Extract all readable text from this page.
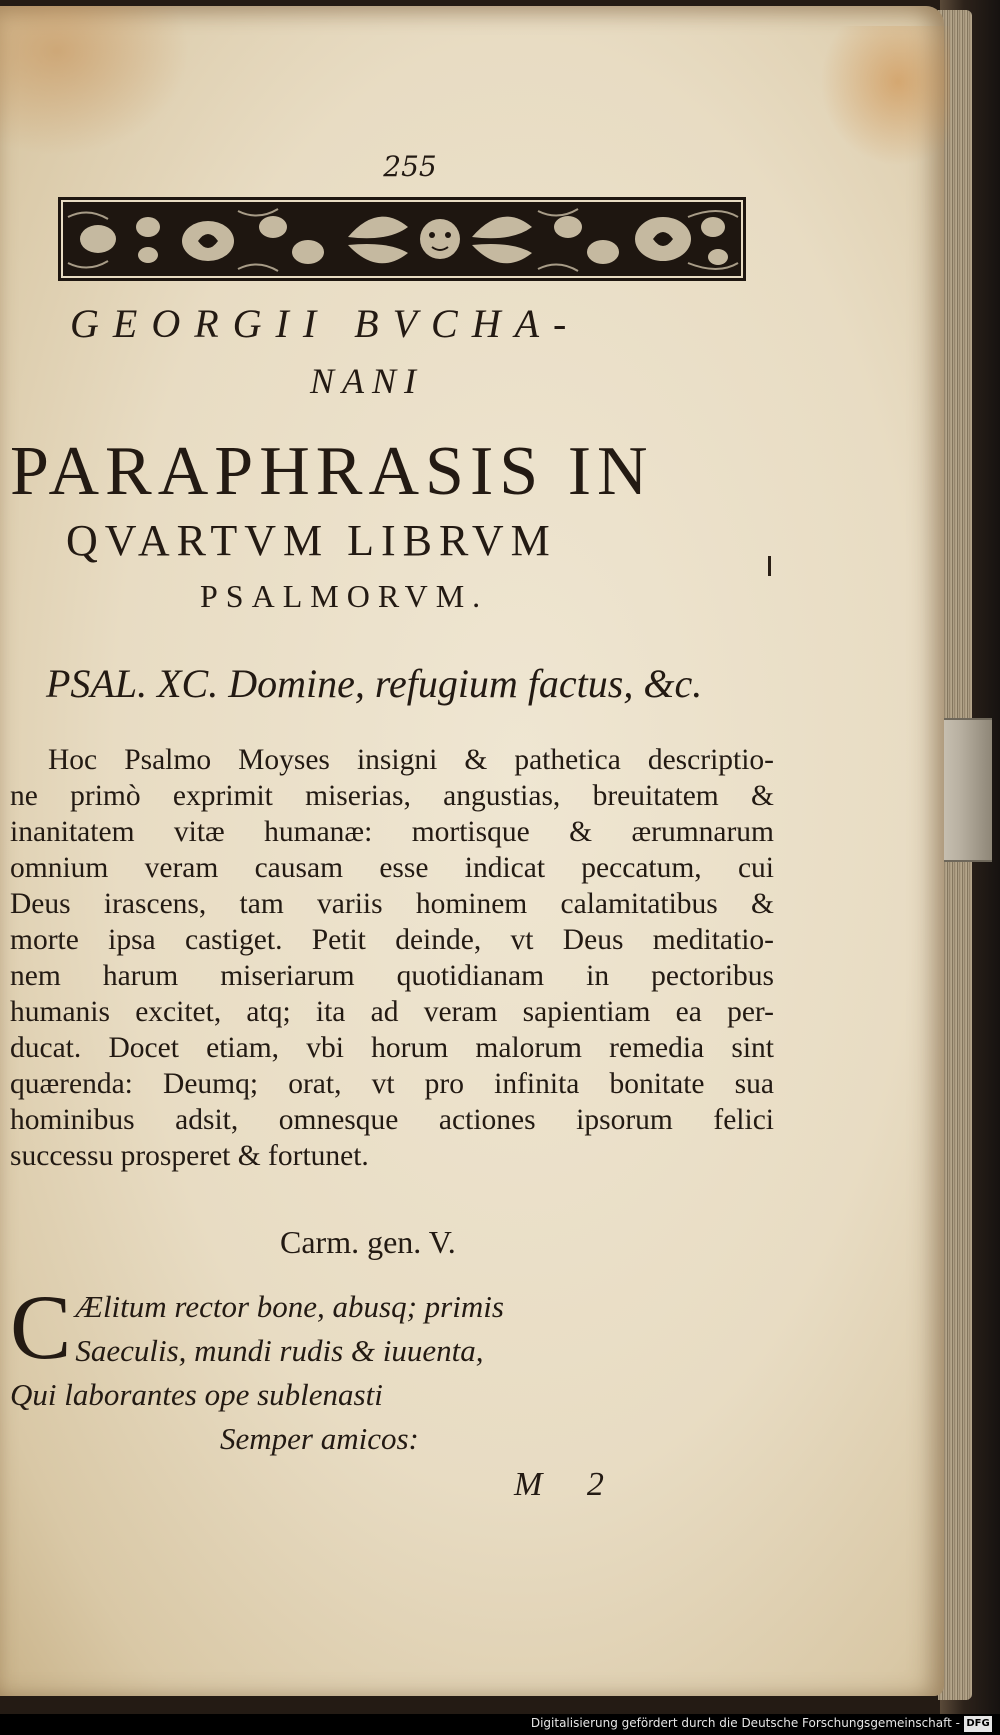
255
GEORGII BVCHA-
NANI
PARAPHRASIS IN
QVARTVM LIBRVM
PSALMORVM.
PSAL. XC. Domine, refugium factus, &c.
Hoc Psalmo Moyses insigni & pathetica descriptio-
ne primò exprimit miserias, angustias, breuitatem &
inanitatem vitæ humanæ: mortisque & ærumnarum
omnium veram causam esse indicat peccatum, cui
Deus irascens, tam variis hominem calamitatibus &
morte ipsa castiget. Petit deinde, vt Deus meditatio-
nem harum miseriarum quotidianam in pectoribus
humanis excitet, atq; ita ad veram sapientiam ea per-
ducat. Docet etiam, vbi horum malorum remedia sint
quærenda: Deumq; orat, vt pro infinita bonitate sua
hominibus adsit, omnesque actiones ipsorum felici
successu prosperet & fortunet.
Carm. gen. V.
C Ælitum rector bone, abusq; primis
Saeculis, mundi rudis & iuuenta,
Qui laborantes ope sublenasti
Semper amicos:
M 2
Digitalisierung gefördert durch die Deutsche Forschungsgemeinschaft - DFG
